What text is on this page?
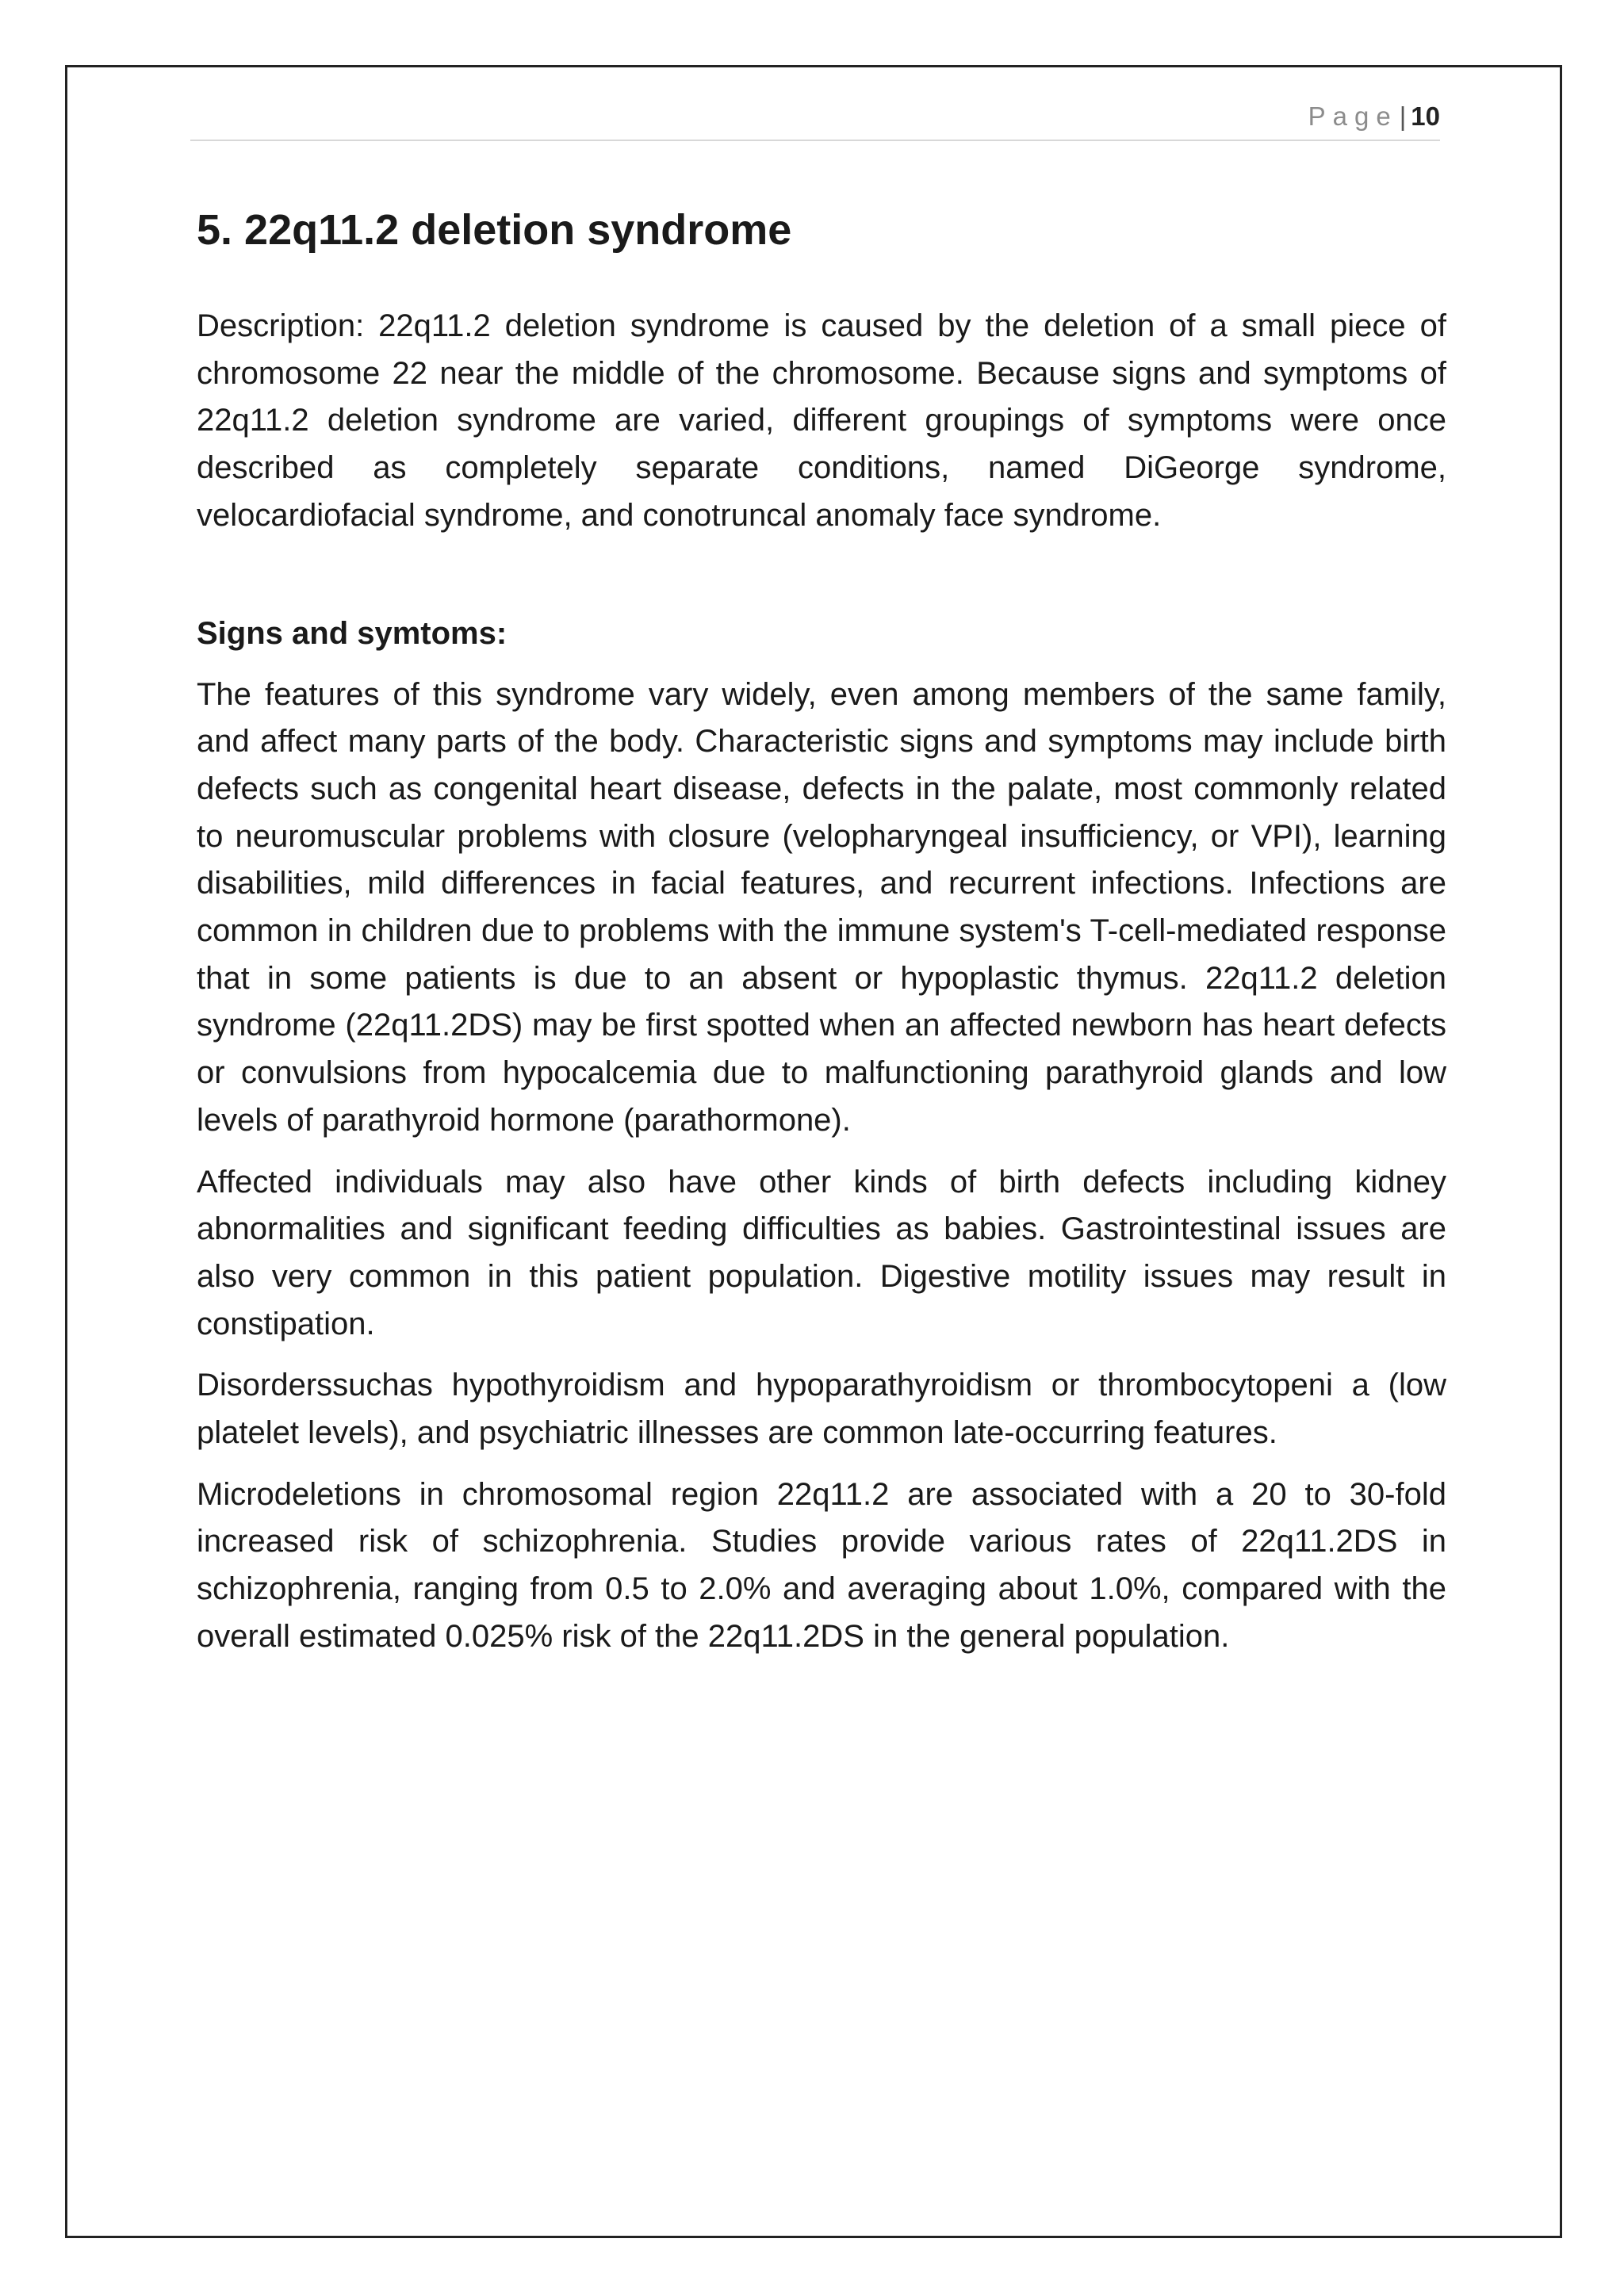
Page| 10
5. 22q11.2 deletion syndrome

Description: 22q11.2 deletion syndrome is caused by the deletion of a small piece of chromosome 22 near the middle of the chromosome. Because signs and symptoms of 22q11.2 deletion syndrome are varied, different groupings of symptoms were once described as completely separate conditions, named DiGeorge syndrome, velocardiofacial syndrome, and conotruncal anomaly face syndrome.

Signs and symtoms:

The features of this syndrome vary widely, even among members of the same family, and affect many parts of the body. Characteristic signs and symptoms may include birth defects such as congenital heart disease, defects in the palate, most commonly related to neuromuscular problems with closure (velopharyngeal insufficiency, or VPI), learning disabilities, mild differences in facial features, and recurrent infections. Infections are common in children due to problems with the immune system's T-cell-mediated response that in some patients is due to an absent or hypoplastic thymus. 22q11.2 deletion syndrome (22q11.2DS) may be first spotted when an affected newborn has heart defects or convulsions from hypocalcemia due to malfunctioning parathyroid glands and low levels of parathyroid hormone (parathormone).

Affected individuals may also have other kinds of birth defects including kidney abnormalities and significant feeding difficulties as babies. Gastrointestinal issues are also very common in this patient population. Digestive motility issues may result in constipation.

Disorderssuchas hypothyroidism and hypoparathyroidism or thrombocytopeni a (low platelet levels), and psychiatric illnesses are common late-occurring features.

Microdeletions in chromosomal region 22q11.2 are associated with a 20 to 30-fold increased risk of schizophrenia. Studies provide various rates of 22q11.2DS in schizophrenia, ranging from 0.5 to 2.0% and averaging about 1.0%, compared with the overall estimated 0.025% risk of the 22q11.2DS in the general population.
